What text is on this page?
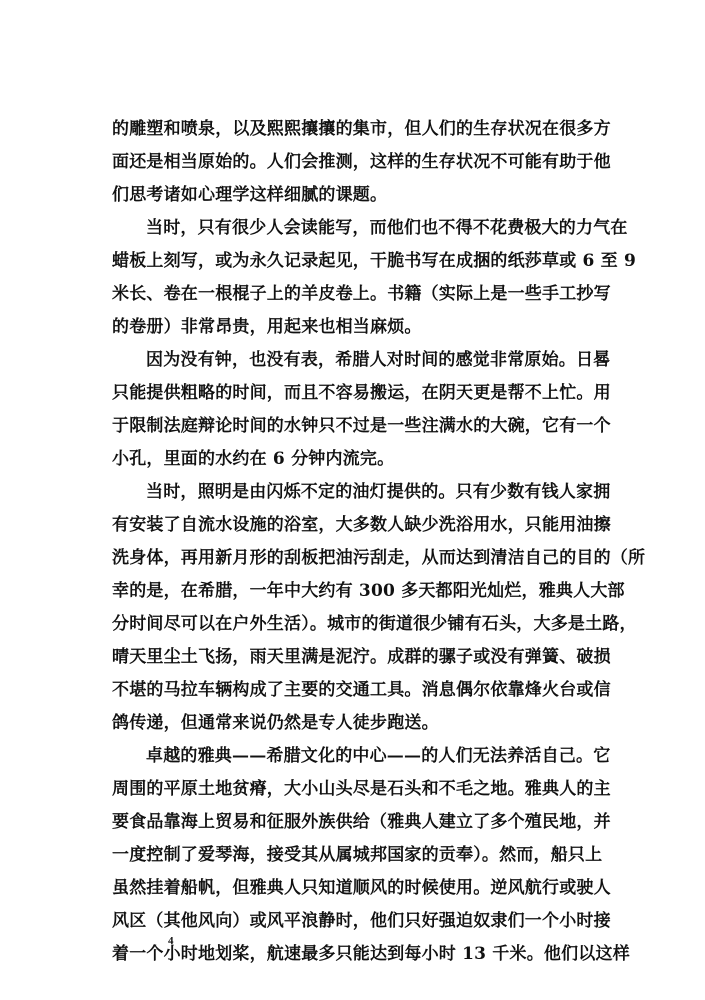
的雕塑和喷泉，以及熙熙攘攘的集市，但人们的生存状况在很多方
面还是相当原始的。人们会推测，这样的生存状况不可能有助于他
们思考诸如心理学这样细腻的课题。
当时，只有很少人会读能写，而他们也不得不花费极大的力气在
蜡板上刻写，或为永久记录起见，干脆书写在成捆的纸莎草或 6 至 9
米长、卷在一根棍子上的羊皮卷上。书籍（实际上是一些手工抄写
的卷册）非常昂贵，用起来也相当麻烦。
因为没有钟，也没有表，希腊人对时间的感觉非常原始。日晷
只能提供粗略的时间，而且不容易搬运，在阴天更是帮不上忙。用
于限制法庭辩论时间的水钟只不过是一些注满水的大碗，它有一个
小孔，里面的水约在 6 分钟内流完。
当时，照明是由闪烁不定的油灯提供的。只有少数有钱人家拥
有安装了自流水设施的浴室，大多数人缺少洗浴用水，只能用油擦
洗身体，再用新月形的刮板把油污刮走，从而达到清洁自己的目的（所
幸的是，在希腊，一年中大约有 300 多天都阳光灿烂，雅典人大部
分时间尽可以在户外生活）。城市的街道很少铺有石头，大多是土路，
晴天里尘土飞扬，雨天里满是泥泞。成群的骡子或没有弹簧、破损
不堪的马拉车辆构成了主要的交通工具。消息偶尔依靠烽火台或信
鸽传递，但通常来说仍然是专人徒步跑送。
卓越的雅典——希腊文化的中心——的人们无法养活自己。它
周围的平原土地贫瘠，大小山头尽是石头和不毛之地。雅典人的主
要食品靠海上贸易和征服外族供给（雅典人建立了多个殖民地，并
一度控制了爱琴海，接受其从属城邦国家的贡奉）。然而，船只上
虽然挂着船帆，但雅典人只知道顺风的时候使用。逆风航行或驶人
风区（其他风向）或风平浪静时，他们只好强迫奴隶们一个小时接
着一个小时地划桨，航速最多只能达到每小时 13 千米。他们以这样
4
